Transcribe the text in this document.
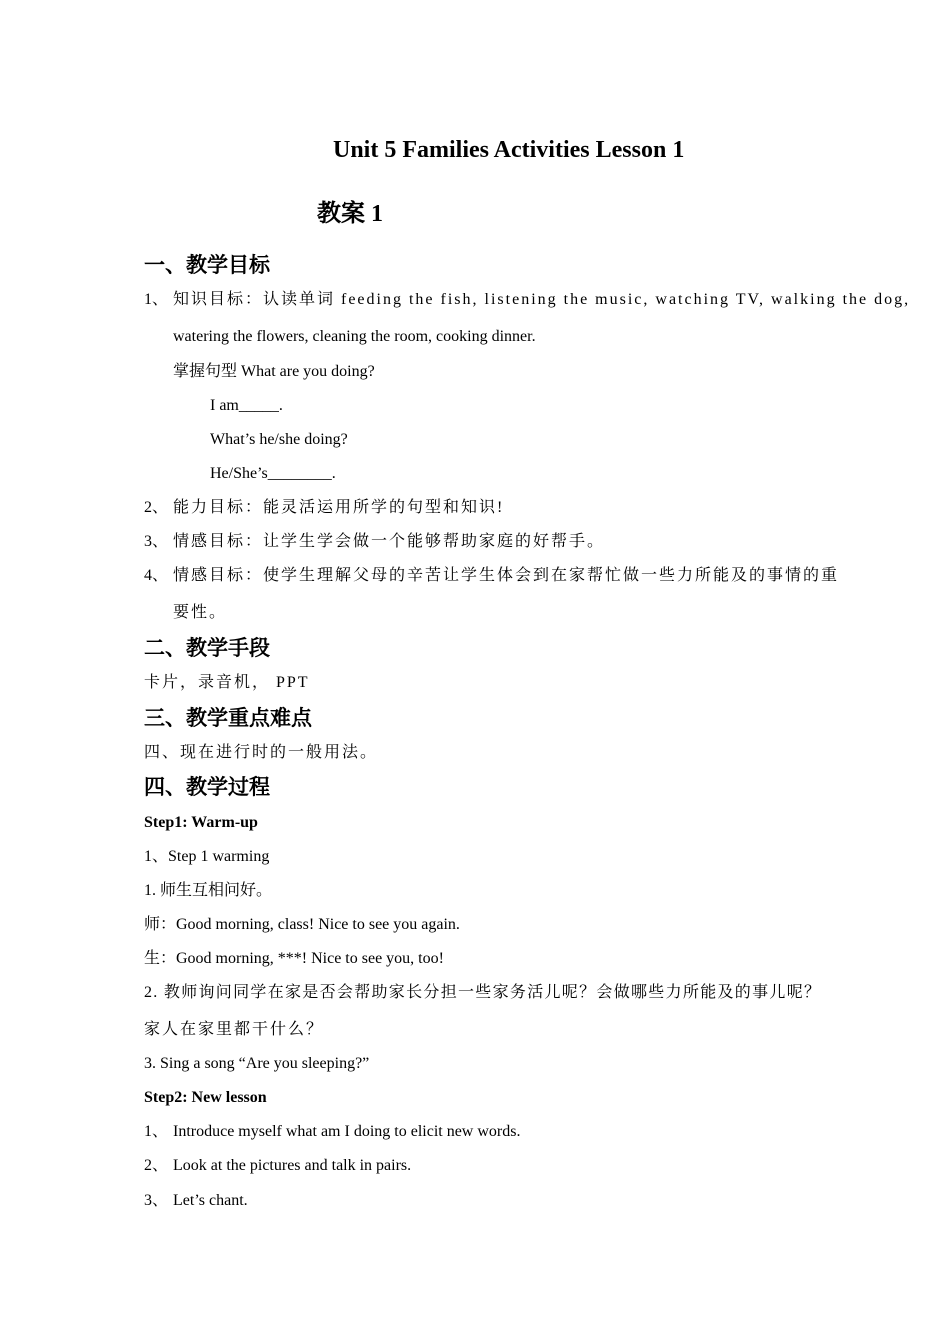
Unit 5 Families Activities Lesson 1
教案 1
一、教学目标
1、 知识目标：认读单词 feeding the fish, listening the music, watching TV, walking the dog,
watering the flowers, cleaning the room, cooking dinner.
掌握句型 What are you doing?
I am_____.
What’s he/she doing?
He/She’s________.
2、 能力目标：能灵活运用所学的句型和知识!
3、 情感目标：让学生学会做一个能够帮助家庭的好帮手。
4、 情感目标：使学生理解父母的辛苦让学生体会到在家帮忙做一些力所能及的事情的重
要性。
二、教学手段
卡片，录音机， PPT
三、教学重点难点
四、现在进行时的一般用法。
四、教学过程
Step1: Warm-up
1、Step 1 warming
1. 师生互相问好。
师：Good morning, class! Nice to see you again.
生：Good morning, ***! Nice to see you, too!
2. 教师询问同学在家是否会帮助家长分担一些家务活儿呢？会做哪些力所能及的事儿呢？
家人在家里都干什么？
3. Sing a song “Are you sleeping?”
Step2: New lesson
1、 Introduce myself what am I doing to elicit new words.
2、 Look at the pictures and talk in pairs.
3、 Let’s chant.
